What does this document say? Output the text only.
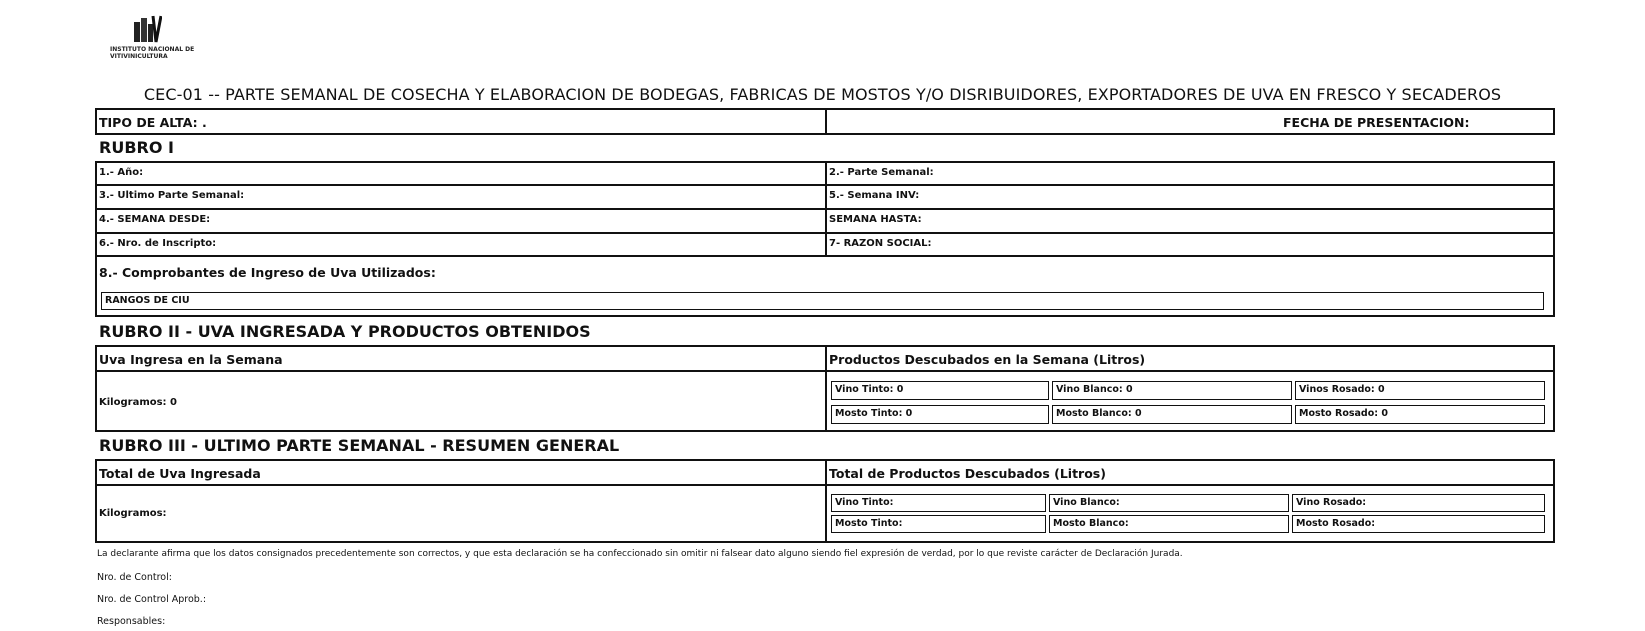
INSTITUTO NACIONAL DE VITIVINICULTURA
CEC-01 -- PARTE SEMANAL DE COSECHA Y ELABORACION DE BODEGAS, FABRICAS DE MOSTOS Y/O DISRIBUIDORES, EXPORTADORES DE UVA EN FRESCO Y SECADEROS
TIPO DE ALTA: .	FECHA DE PRESENTACION:
RUBRO I
1.- Año:	2.- Parte Semanal:
3.- Ultimo Parte Semanal:	5.- Semana INV:
4.- SEMANA DESDE:	SEMANA HASTA:
6.- Nro. de Inscripto:	7- RAZON SOCIAL:
8.- Comprobantes de Ingreso de Uva Utilizados:
RANGOS DE CIU
RUBRO II - UVA INGRESADA Y PRODUCTOS OBTENIDOS
Uva Ingresa en la Semana	Productos Descubados en la Semana (Litros)
Kilogramos: 0
Vino Tinto: 0	Vino Blanco: 0	Vinos Rosado: 0
Mosto Tinto: 0	Mosto Blanco: 0	Mosto Rosado: 0
RUBRO III - ULTIMO PARTE SEMANAL - RESUMEN GENERAL
Total de Uva Ingresada	Total de Productos Descubados (Litros)
Kilogramos:
Vino Tinto:	Vino Blanco:	Vino Rosado:
Mosto Tinto:	Mosto Blanco:	Mosto Rosado:
La declarante afirma que los datos consignados precedentemente son correctos, y que esta declaración se ha confeccionado sin omitir ni falsear dato alguno siendo fiel expresión de verdad, por lo que reviste carácter de Declaración Jurada.
Nro. de Control:
Nro. de Control Aprob.:
Responsables:
